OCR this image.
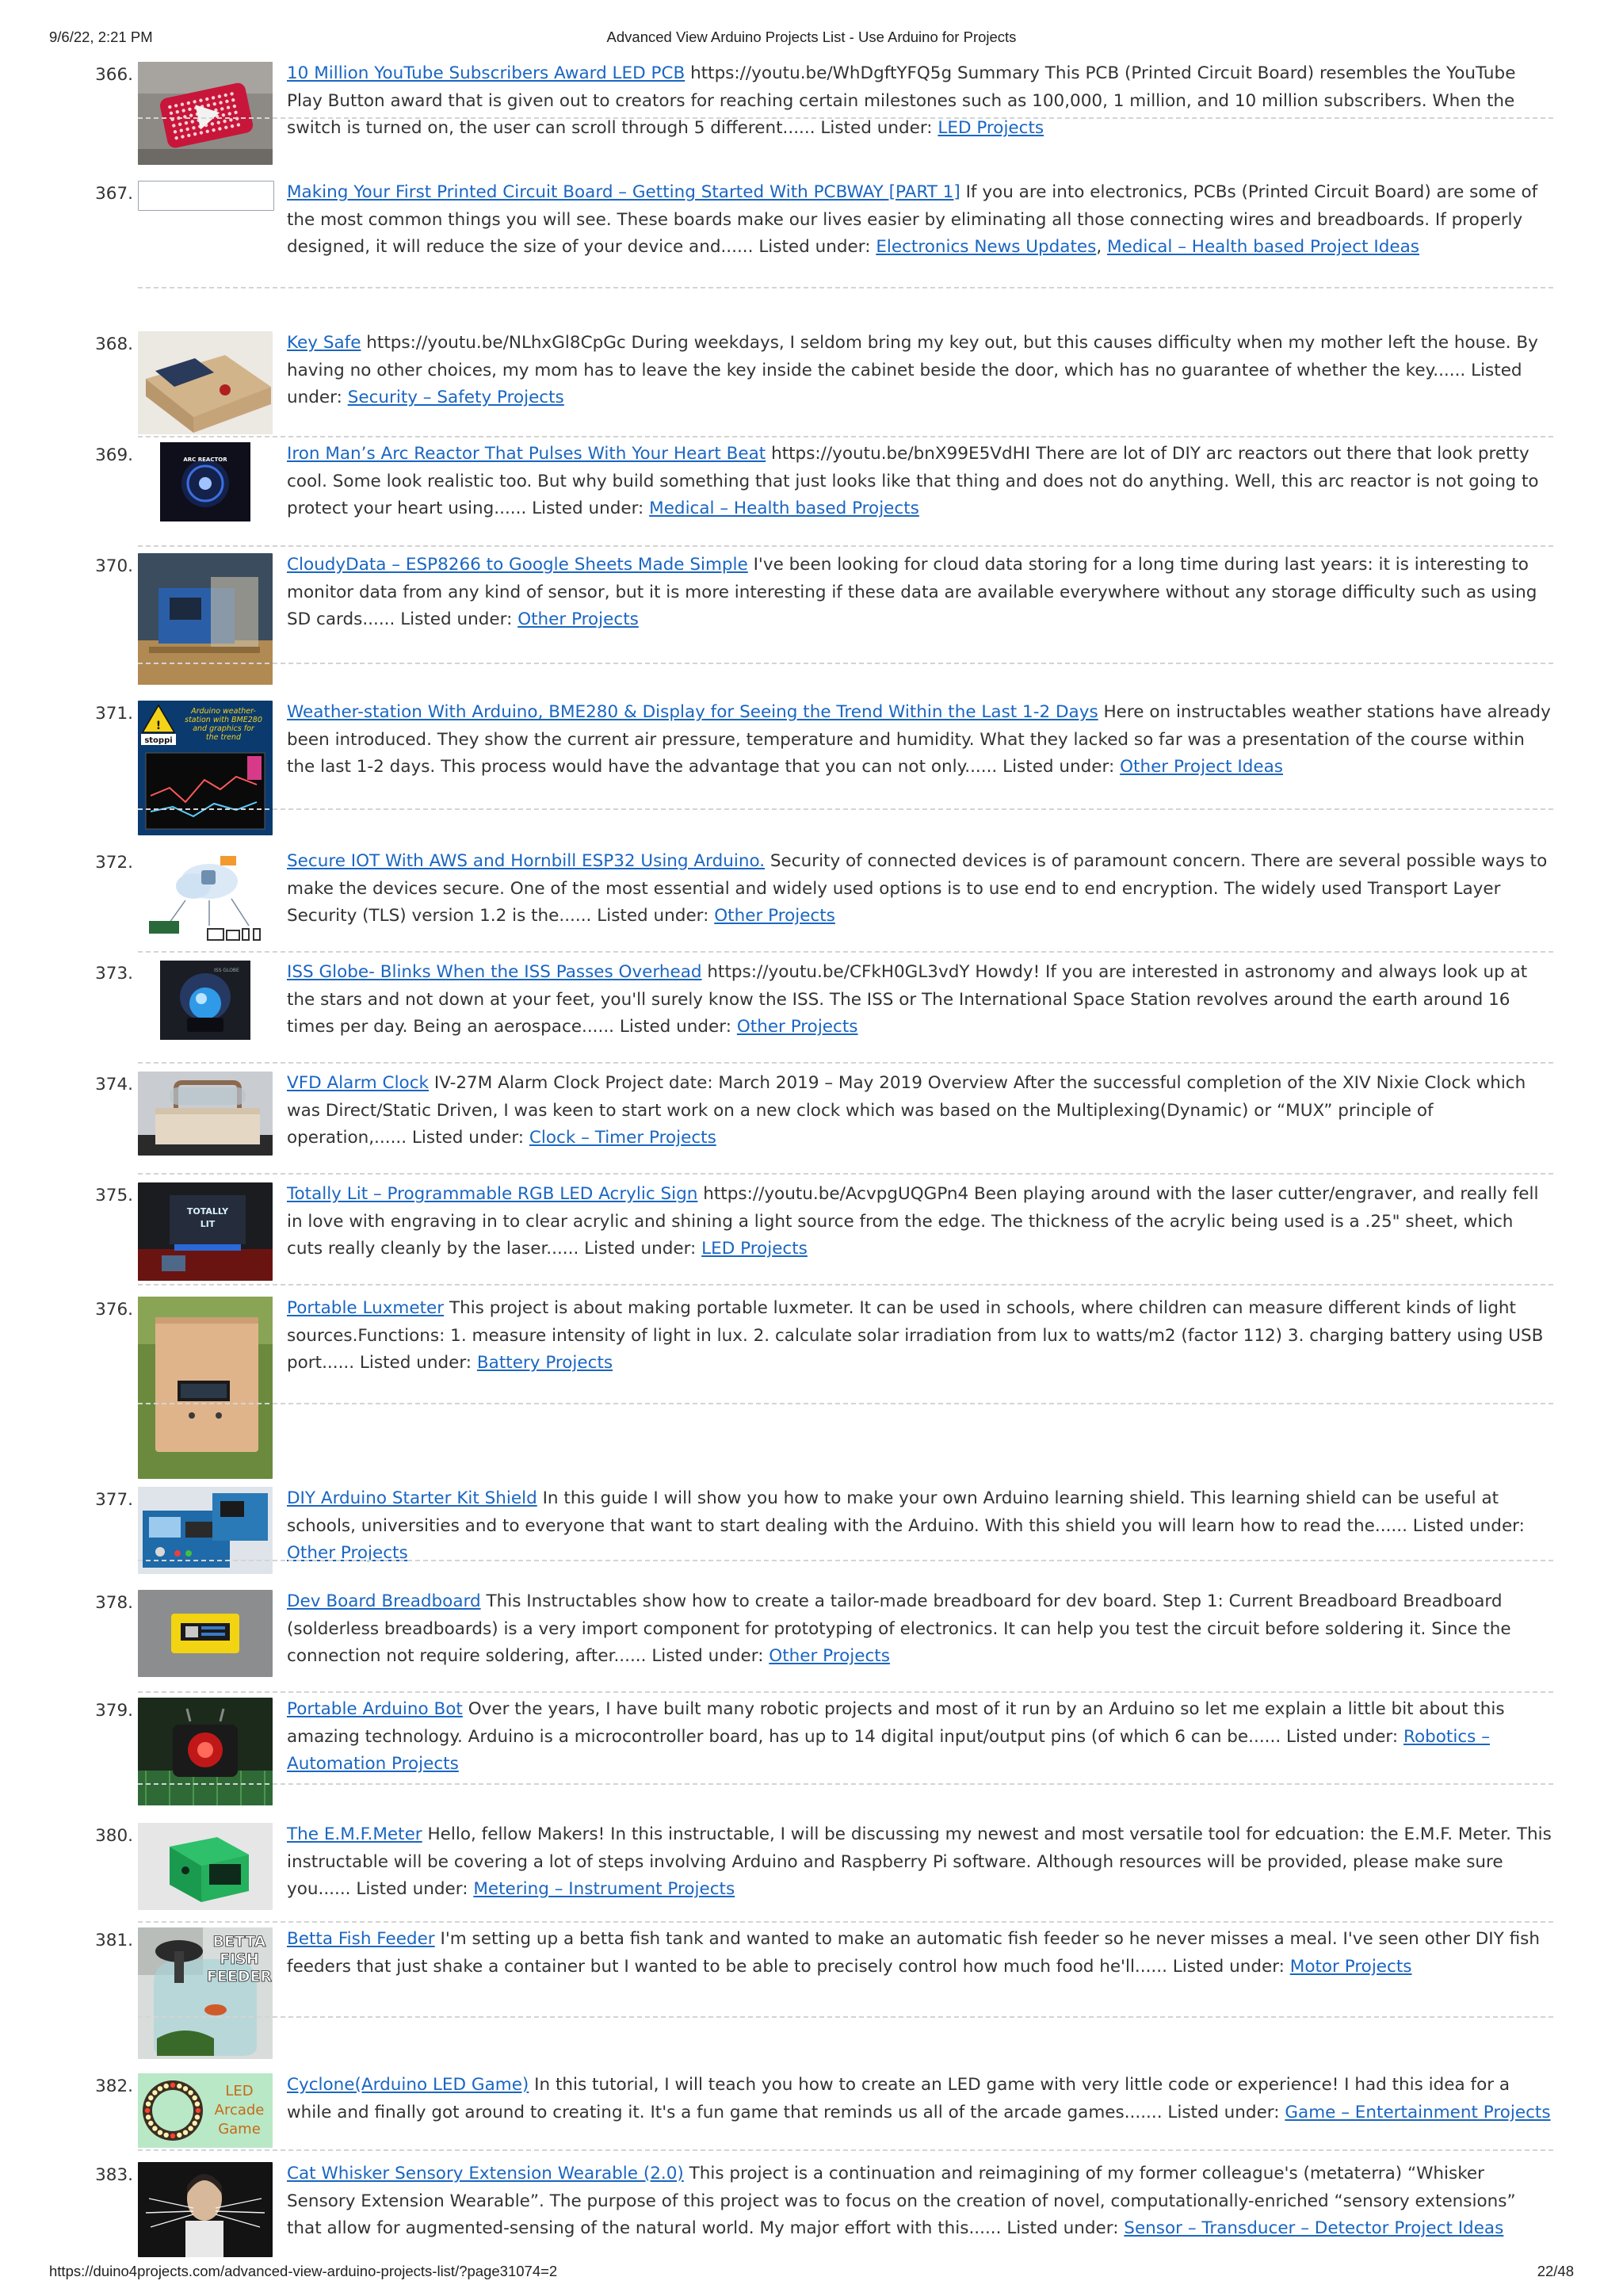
9/6/22, 2:21 PM	Advanced View Arduino Projects List - Use Arduino for Projects
366.	10 Million YouTube Subscribers Award LED PCB https://youtu.be/WhDgftYFQ5g Summary This PCB (Printed Circuit Board) resembles the YouTube Play Button award that is given out to creators for reaching certain milestones such as 100,000, 1 million, and 10 million subscribers. When the switch is turned on, the user can scroll through 5 different...... Listed under: LED Projects
367.	Making Your First Printed Circuit Board – Getting Started With PCBWAY [PART 1] If you are into electronics, PCBs (Printed Circuit Board) are some of the most common things you will see. These boards make our lives easier by eliminating all those connecting wires and breadboards. If properly designed, it will reduce the size of your device and...... Listed under: Electronics News Updates, Medical – Health based Project Ideas
368.	Key Safe https://youtu.be/NLhxGl8CpGc During weekdays, I seldom bring my key out, but this causes difficulty when my mother left the house. By having no other choices, my mom has to leave the key inside the cabinet beside the door, which has no guarantee of whether the key...... Listed under: Security – Safety Projects
369.	ARC REACTOR	Iron Man’s Arc Reactor That Pulses With Your Heart Beat https://youtu.be/bnX99E5VdHI There are lot of DIY arc reactors out there that look pretty cool. Some look realistic too. But why build something that just looks like that thing and does not do anything. Well, this arc reactor is not going to protect your heart using...... Listed under: Medical – Health based Projects
370.	CloudyData – ESP8266 to Google Sheets Made Simple I've been looking for cloud data storing for a long time during last years: it is interesting to monitor data from any kind of sensor, but it is more interesting if these data are available everywhere without any storage difficulty such as using SD cards...... Listed under: Other Projects
371.
!
stoppi
Arduino weather-
station with BME280
and graphics for
the trend
Weather-station With Arduino, BME280 & Display for Seeing the Trend Within the Last 1-2 Days Here on instructables weather stations have already been introduced. They show the current air pressure, temperature and humidity. What they lacked so far was a presentation of the course within the last 1-2 days. This process would have the advantage that you can not only...... Listed under: Other Project Ideas
372.	Secure IOT With AWS and Hornbill ESP32 Using Arduino. Security of connected devices is of paramount concern. There are several possible ways to make the devices secure. One of the most essential and widely used options is to use end to end encryption. The widely used Transport Layer Security (TLS) version 1.2 is the...... Listed under: Other Projects
373.	ISS GLOBE	ISS Globe- Blinks When the ISS Passes Overhead https://youtu.be/CFkH0GL3vdY Howdy! If you are interested in astronomy and always look up at the stars and not down at your feet, you'll surely know the ISS. The ISS or The International Space Station revolves around the earth around 16 times per day. Being an aerospace...... Listed under: Other Projects
374.	VFD Alarm Clock IV-27M Alarm Clock Project date: March 2019 – May 2019 Overview After the successful completion of the XIV Nixie Clock which was Direct/Static Driven, I was keen to start work on a new clock which was based on the Multiplexing(Dynamic) or “MUX” principle of operation,...... Listed under: Clock – Timer Projects
375.
TOTALLY
LIT
Totally Lit – Programmable RGB LED Acrylic Sign https://youtu.be/AcvpgUQGPn4 Been playing around with the laser cutter/engraver, and really fell in love with engraving in to clear acrylic and shining a light source from the edge. The thickness of the acrylic being used is a .25" sheet, which cuts really cleanly by the laser...... Listed under: LED Projects
376.	Portable Luxmeter This project is about making portable luxmeter. It can be used in schools, where children can measure different kinds of light sources.Functions: 1. measure intensity of light in lux. 2. calculate solar irradiation from lux to watts/m2 (factor 112) 3. charging battery using USB port...... Listed under: Battery Projects
377.	DIY Arduino Starter Kit Shield In this guide I will show you how to make your own Arduino learning shield. This learning shield can be useful at schools, universities and to everyone that want to start dealing with the Arduino. With this shield you will learn how to read the...... Listed under: Other Projects
378.	Dev Board Breadboard This Instructables show how to create a tailor-made breadboard for dev board. Step 1: Current Breadboard Breadboard (solderless breadboards) is a very import component for prototyping of electronics. It can help you test the circuit before soldering it. Since the connection not require soldering, after...... Listed under: Other Projects
379.	Portable Arduino Bot Over the years, I have built many robotic projects and most of it run by an Arduino so let me explain a little bit about this amazing technology. Arduino is a microcontroller board, has up to 14 digital input/output pins (of which 6 can be...... Listed under: Robotics – Automation Projects
380.	The E.M.F.Meter Hello, fellow Makers! In this instructable, I will be discussing my newest and most versatile tool for edcuation: the E.M.F. Meter. This instructable will be covering a lot of steps involving Arduino and Raspberry Pi software. Although resources will be provided, please make sure you...... Listed under: Metering – Instrument Projects
381.	BETTA
FISH
FEEDER
Betta Fish Feeder I'm setting up a betta fish tank and wanted to make an automatic fish feeder so he never misses a meal. I've seen other DIY fish feeders that just shake a container but I wanted to be able to precisely control how much food he'll...... Listed under: Motor Projects
382.	LED
Arcade
Game
Cyclone(Arduino LED Game) In this tutorial, I will teach you how to create an LED game with very little code or experience! I had this idea for a while and finally got around to creating it. It's a fun game that reminds us all of the arcade games....... Listed under: Game – Entertainment Projects
383.	Cat Whisker Sensory Extension Wearable (2.0) This project is a continuation and reimagining of my former colleague's (metaterra) “Whisker Sensory Extension Wearable”. The purpose of this project was to focus on the creation of novel, computationally-enriched “sensory extensions” that allow for augmented-sensing of the natural world. My major effort with this...... Listed under: Sensor – Transducer – Detector Project Ideas
https://duino4projects.com/advanced-view-arduino-projects-list/?page31074=2	22/48
